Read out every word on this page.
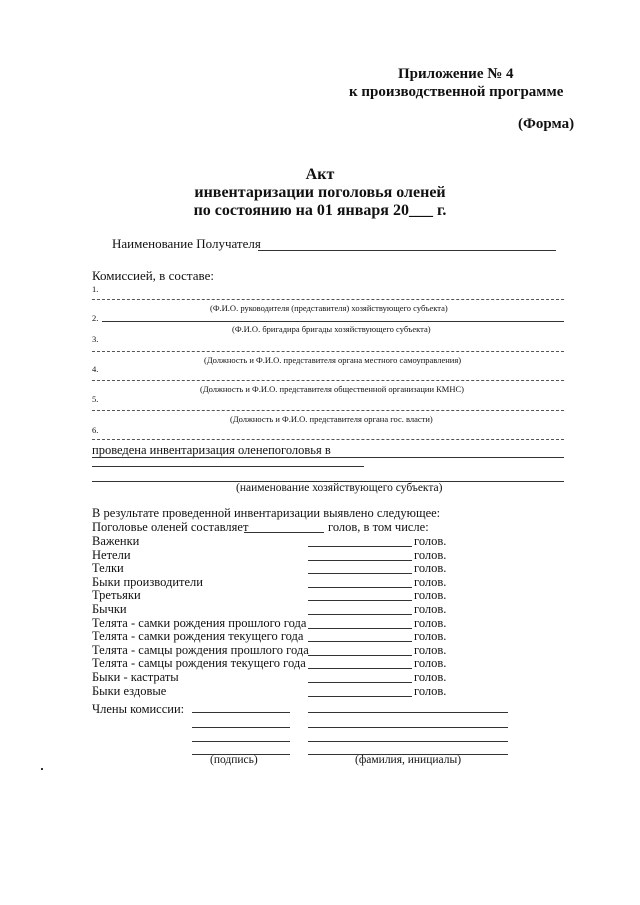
Приложение № 4
к производственной программе
(Форма)
Акт
инвентаризации поголовья оленей
по состоянию на 01 января 20___ г.
Наименование Получателя
Комиссией, в составе:
1.
(Ф.И.О. руководителя (представителя) хозяйствующего субъекта)
2.
(Ф.И.О. бригадира бригады хозяйствующего субъекта)
3.
(Должность и Ф.И.О. представителя органа местного самоуправления)
4.
(Должность и Ф.И.О. представителя общественной организации КМНС)
5.
(Должность и Ф.И.О. представителя органа гос. власти)
6.
проведена инвентаризация оленепоголовья в
(наименование хозяйствующего субъекта)
В результате проведенной инвентаризации выявлено следующее:
Поголовье оленей составляет	голов, в том числе:
Важенки	голов.
Нетели	голов.
Телки	голов.
Быки производители	голов.
Третьяки	голов.
Бычки	голов.
Телята - самки рождения прошлого года	голов.
Телята - самки рождения текущего года	голов.
Телята - самцы рождения прошлого года	голов.
Телята - самцы рождения текущего года	голов.
Быки - кастраты	голов.
Быки ездовые	голов.
Члены комиссии:
(подпись)	(фамилия, инициалы)
